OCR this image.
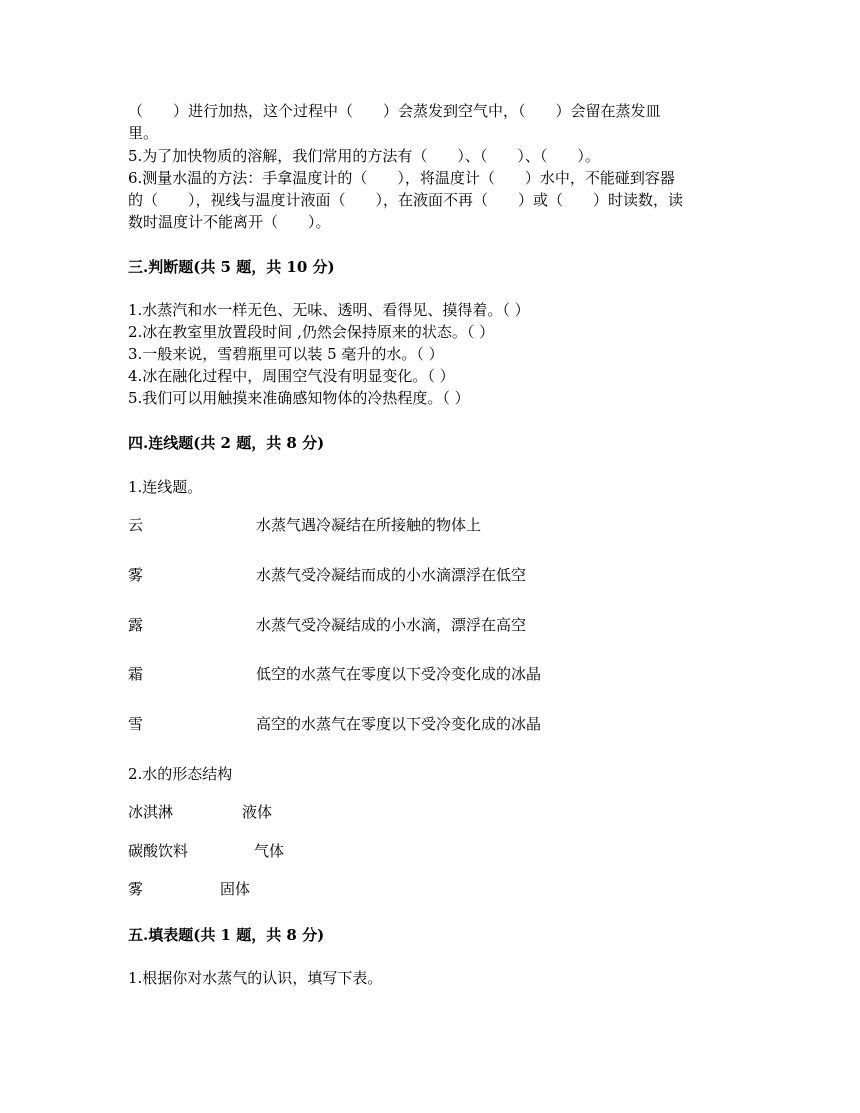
（　　）进行加热，这个过程中（　　）会蒸发到空气中，（　　）会留在蒸发皿
里。
5.为了加快物质的溶解，我们常用的方法有（　　）、（　　）、（　　）。
6.测量水温的方法：手拿温度计的（　　），将温度计（　　）水中，不能碰到容器
的（　　），视线与温度计液面（　　），在液面不再（　　）或（　　）时读数，读
数时温度计不能离开（　　）。
三.判断题(共 5 题，共 10 分)
1.水蒸汽和水一样无色、无味、透明、看得见、摸得着。（ ）
2.冰在教室里放置段时间 ,仍然会保持原来的状态。（ ）
3.一般来说，雪碧瓶里可以装 5 毫升的水。（ ）
4.冰在融化过程中，周围空气没有明显变化。（ ）
5.我们可以用触摸来准确感知物体的冷热程度。（ ）
四.连线题(共 2 题，共 8 分)
1.连线题。
云	水蒸气遇冷凝结在所接触的物体上
雾	水蒸气受冷凝结而成的小水滴漂浮在低空
露	水蒸气受冷凝结成的小水滴，漂浮在高空
霜	低空的水蒸气在零度以下受冷变化成的冰晶
雪	高空的水蒸气在零度以下受冷变化成的冰晶
2.水的形态结构
冰淇淋	液体
碳酸饮料	气体
雾	固体
五.填表题(共 1 题，共 8 分)
1.根据你对水蒸气的认识，填写下表。
